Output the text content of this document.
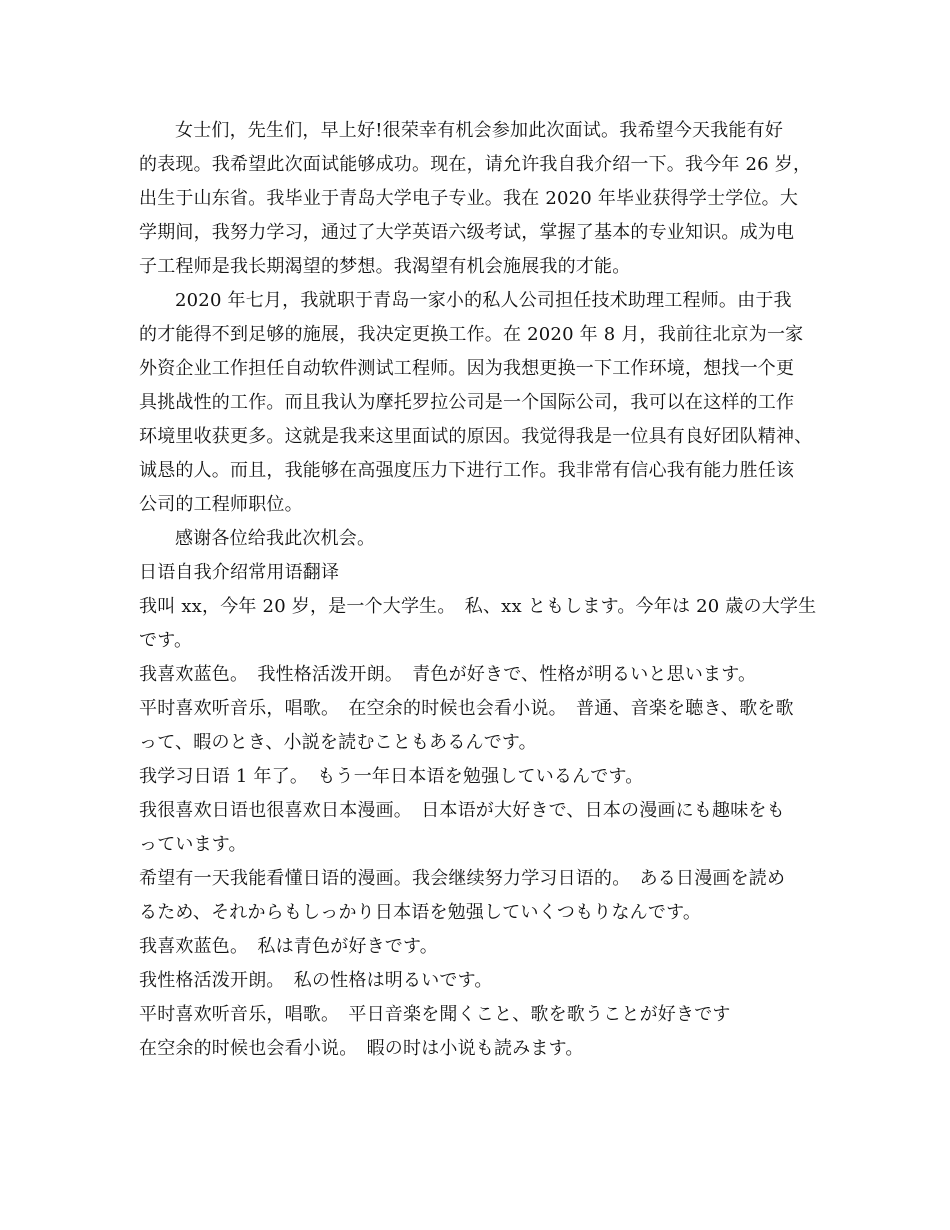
女士们，先生们，早上好!很荣幸有机会参加此次面试。我希望今天我能有好
的表现。我希望此次面试能够成功。现在，请允许我自我介绍一下。我今年 26 岁，
出生于山东省。我毕业于青岛大学电子专业。我在 2020 年毕业获得学士学位。大
学期间，我努力学习，通过了大学英语六级考试，掌握了基本的专业知识。成为电
子工程师是我长期渴望的梦想。我渴望有机会施展我的才能。
2020 年七月，我就职于青岛一家小的私人公司担任技术助理工程师。由于我
的才能得不到足够的施展，我决定更换工作。在 2020 年 8 月，我前往北京为一家
外资企业工作担任自动软件测试工程师。因为我想更换一下工作环境，想找一个更
具挑战性的工作。而且我认为摩托罗拉公司是一个国际公司，我可以在这样的工作
环境里收获更多。这就是我来这里面试的原因。我觉得我是一位具有良好团队精神、
诚恳的人。而且，我能够在高强度压力下进行工作。我非常有信心我有能力胜任该
公司的工程师职位。
感谢各位给我此次机会。
日语自我介绍常用语翻译
我叫 xx，今年 20 岁，是一个大学生。　私、xx ともします。今年は 20 歳の大学生
です。
我喜欢蓝色。　我性格活泼开朗。　青色が好きで、性格が明るいと思います。
平时喜欢听音乐，唱歌。　在空余的时候也会看小说。　普通、音楽を聴き、歌を歌
って、暇のとき、小説を読むこともあるんです。
我学习日语 1 年了。　もう一年日本语を勉强しているんです。
我很喜欢日语也很喜欢日本漫画。　日本语が大好きで、日本の漫画にも趣味をも
っています。
希望有一天我能看懂日语的漫画。我会继续努力学习日语的。　ある日漫画を読め
るため、それからもしっかり日本语を勉强していくつもりなんです。
我喜欢蓝色。　私は青色が好きです。
我性格活泼开朗。　私の性格は明るいです。
平时喜欢听音乐，唱歌。　平日音楽を聞くこと、歌を歌うことが好きです
在空余的时候也会看小说。　暇の时は小说も読みます。
